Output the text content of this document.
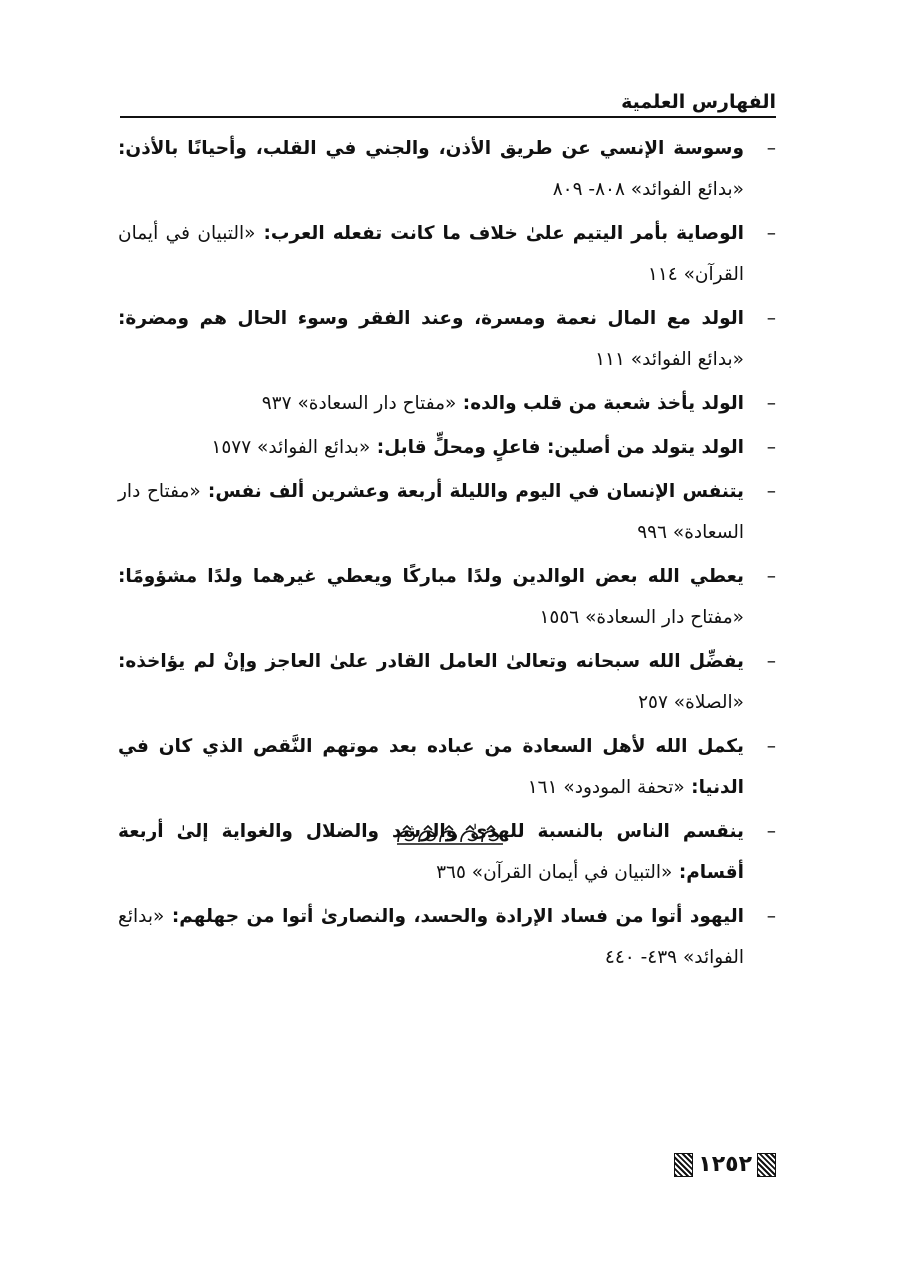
الفهارس العلمية
–
وسوسة الإنسي عن طريق الأذن، والجني في القلب، وأحيانًا بالأذن: «بدائع الفوائد» ٨٠٨- ٨٠٩
–
الوصاية بأمر اليتيم علىٰ خلاف ما كانت تفعله العرب: «التبيان في أيمان القرآن» ١١٤
–
الولد مع المال نعمة ومسرة، وعند الفقر وسوء الحال هم ومضرة: «بدائع الفوائد» ١١١
–
الولد يأخذ شعبة من قلب والده: «مفتاح دار السعادة» ٩٣٧
–
الولد يتولد من أصلين: فاعلٍ ومحلٍّ قابل: «بدائع الفوائد» ١٥٧٧
–
يتنفس الإنسان في اليوم والليلة أربعة وعشرين ألف نفس: «مفتاح دار السعادة» ٩٩٦
–
يعطي الله بعض الوالدين ولدًا مباركًا ويعطي غيرهما ولدًا مشؤومًا: «مفتاح دار السعادة» ١٥٥٦
–
يفضِّل الله سبحانه وتعالىٰ العامل القادر علىٰ العاجز وإنْ لم يؤاخذه: «الصلاة» ٢٥٧
–
يكمل الله لأهل السعادة من عباده بعد موتهم النَّقص الذي كان في الدنيا: «تحفة المودود» ١٦١
–
ينقسم الناس بالنسبة للهدىٰ والرشد والضلال والغواية إلىٰ أربعة أقسام: «التبيان في أيمان القرآن» ٣٦٥
–
اليهود أتوا من فساد الإرادة والحسد، والنصارىٰ أتوا من جهلهم: «بدائع الفوائد» ٤٣٩- ٤٤٠
١٢٥٢
